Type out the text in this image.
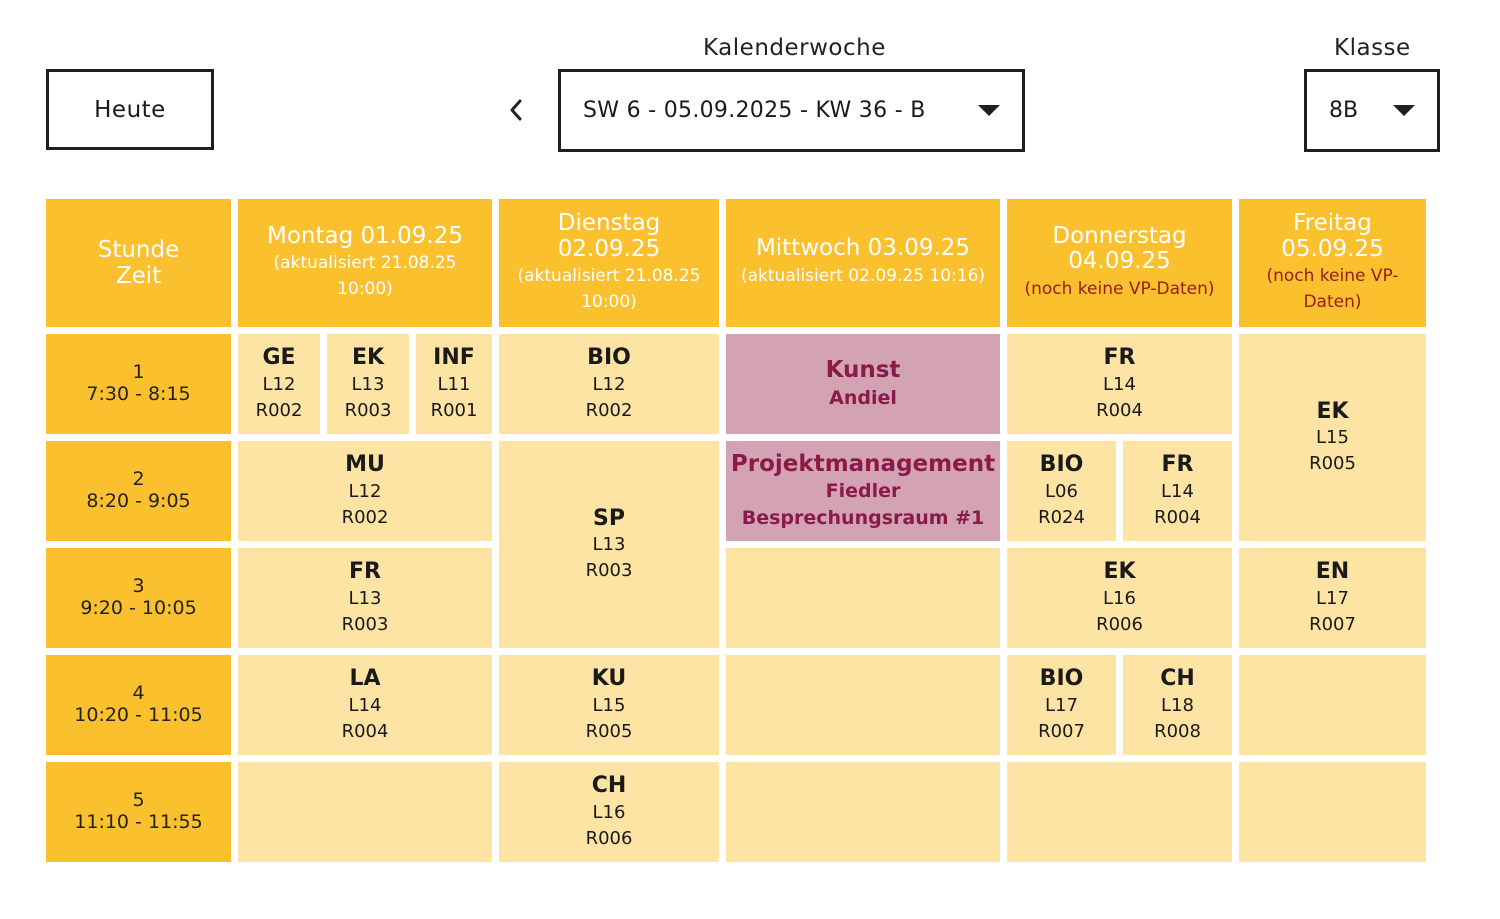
Heute
Kalenderwoche
SW 6 - 05.09.2025 - KW 36 - B
Klasse
8B
Stunde
Zeit
Montag 01.09.25
(aktualisiert 21.08.25 10:00)
Dienstag 02.09.25
(aktualisiert 21.08.25 10:00)
Mittwoch 03.09.25
(aktualisiert 02.09.25 10:16)
Donnerstag 04.09.25
(noch keine VP-Daten)
Freitag 05.09.25
(noch keine VP-Daten)
1
7:30 - 8:15
2
8:20 - 9:05
3
9:20 - 10:05
4
10:20 - 11:05
5
11:10 - 11:55
GE
L12
R002
EK
L13
R003
INF
L11
R001
MU
L12
R002
FR
L13
R003
LA
L14
R004
BIO
L12
R002
SP
L13
R003
KU
L15
R005
CH
L16
R006
Kunst
Andiel
Projektmanagement
Fiedler
Besprechungsraum #1
FR
L14
R004
BIO
L06
R024
FR
L14
R004
EK
L16
R006
BIO
L17
R007
CH
L18
R008
EK
L15
R005
EN
L17
R007
